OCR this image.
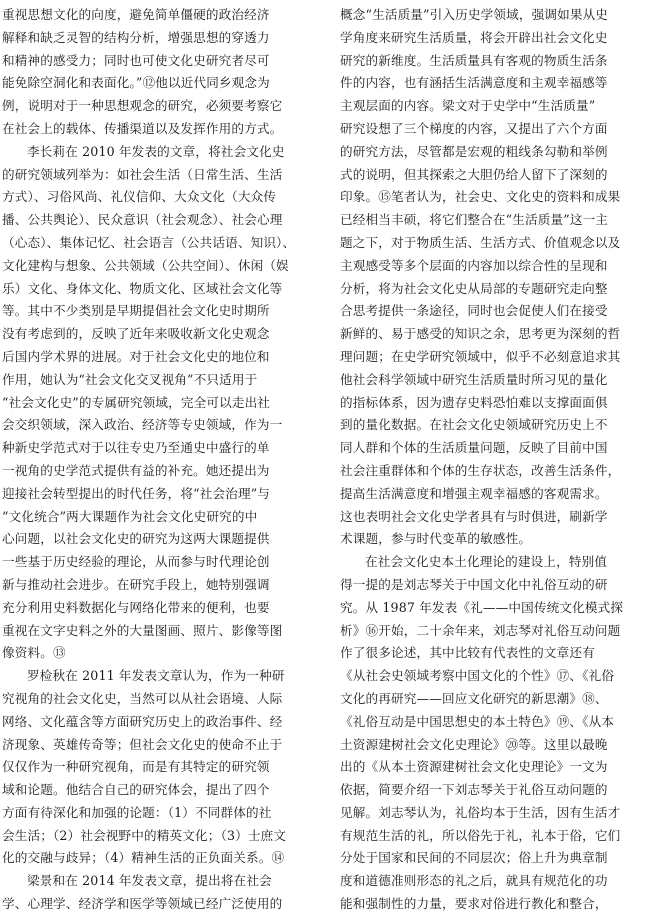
重视思想文化的向度，避免简单僵硬的政治经济
解释和缺乏灵智的结构分析，增强思想的穿透力
和精神的感受力；同时也可使文化史研究者尽可
能免除空洞化和表面化。”⑫他以近代同乡观念为
例，说明对于一种思想观念的研究，必须要考察它
在社会上的载体、传播渠道以及发挥作用的方式。
李长莉在 2010 年发表的文章，将社会文化史
的研究领域列举为：如社会生活（日常生活、生活
方式）、习俗风尚、礼仪信仰、大众文化（大众传
播、公共舆论）、民众意识（社会观念）、社会心理
（心态）、集体记忆、社会语言（公共话语、知识）、
文化建构与想象、公共领域（公共空间）、休闲（娱
乐）文化、身体文化、物质文化、区域社会文化等
等。其中不少类别是早期提倡社会文化史时期所
没有考虑到的，反映了近年来吸收新文化史观念
后国内学术界的进展。对于社会文化史的地位和
作用，她认为“社会文化交叉视角”不只适用于
“社会文化史”的专属研究领域，完全可以走出社
会交织领域，深入政治、经济等专史领域，作为一
种新史学范式对于以往专史乃至通史中盛行的单
一视角的史学范式提供有益的补充。她还提出为
迎接社会转型提出的时代任务，将“社会治理”与
“文化统合”两大课题作为社会文化史研究的中
心问题，以社会文化史的研究为这两大课题提供
一些基于历史经验的理论，从而参与时代理论创
新与推动社会进步。在研究手段上，她特别强调
充分利用史料数据化与网络化带来的便利，也要
重视在文字史料之外的大量图画、照片、影像等图
像资料。⑬
罗检秋在 2011 年发表文章认为，作为一种研
究视角的社会文化史，当然可以从社会语境、人际
网络、文化蕴含等方面研究历史上的政治事件、经
济现象、英雄传奇等；但社会文化史的使命不止于
仅仅作为一种研究视角，而是有其特定的研究领
域和论题。他结合自己的研究体会，提出了四个
方面有待深化和加强的论题：（1）不同群体的社
会生活；（2）社会视野中的精英文化；（3）士庶文
化的交融与歧异；（4）精神生活的正负面关系。⑭
梁景和在 2014 年发表文章，提出将在社会
学、心理学、经济学和医学等领域已经广泛使用的
概念“生活质量”引入历史学领域，强调如果从史
学角度来研究生活质量，将会开辟出社会文化史
研究的新维度。生活质量具有客观的物质生活条
件的内容，也有涵括生活满意度和主观幸福感等
主观层面的内容。梁文对于史学中“生活质量”
研究设想了三个梯度的内容，又提出了六个方面
的研究方法，尽管都是宏观的粗线条勾勒和举例
式的说明，但其探索之大胆仍给人留下了深刻的
印象。⑮笔者认为，社会史、文化史的资料和成果
已经相当丰硕，将它们整合在“生活质量”这一主
题之下，对于物质生活、生活方式、价值观念以及
主观感受等多个层面的内容加以综合性的呈现和
分析，将为社会文化史从局部的专题研究走向整
合思考提供一条途径，同时也会促使人们在接受
新鲜的、易于感受的知识之余，思考更为深刻的哲
理问题；在史学研究领域中，似乎不必刻意追求其
他社会科学领域中研究生活质量时所习见的量化
的指标体系，因为遗存史料恐怕难以支撑面面俱
到的量化数据。在社会文化史领域研究历史上不
同人群和个体的生活质量问题，反映了目前中国
社会注重群体和个体的生存状态，改善生活条件，
提高生活满意度和增强主观幸福感的客观需求。
这也表明社会文化史学者具有与时俱进，刷新学
术课题，参与时代变革的敏感性。
在社会文化史本土化理论的建设上，特别值
得一提的是刘志琴关于中国文化中礼俗互动的研
究。从 1987 年发表《礼——中国传统文化模式探
析》⑯开始，二十余年来，刘志琴对礼俗互动问题
作了很多论述，其中比较有代表性的文章还有
《从社会史领域考察中国文化的个性》⑰、《礼俗
文化的再研究——回应文化研究的新思潮》⑱、
《礼俗互动是中国思想史的本土特色》⑲、《从本
土资源建树社会文化史理论》⑳等。这里以最晚
出的《从本土资源建树社会文化史理论》一文为
依据，简要介绍一下刘志琴关于礼俗互动问题的
见解。刘志琴认为，礼俗均本于生活，因有生活才
有规范生活的礼，所以俗先于礼，礼本于俗，它们
分处于国家和民间的不同层次；俗上升为典章制
度和道德准则形态的礼之后，就具有规范化的功
能和强制性的力量，要求对俗进行教化和整合，
